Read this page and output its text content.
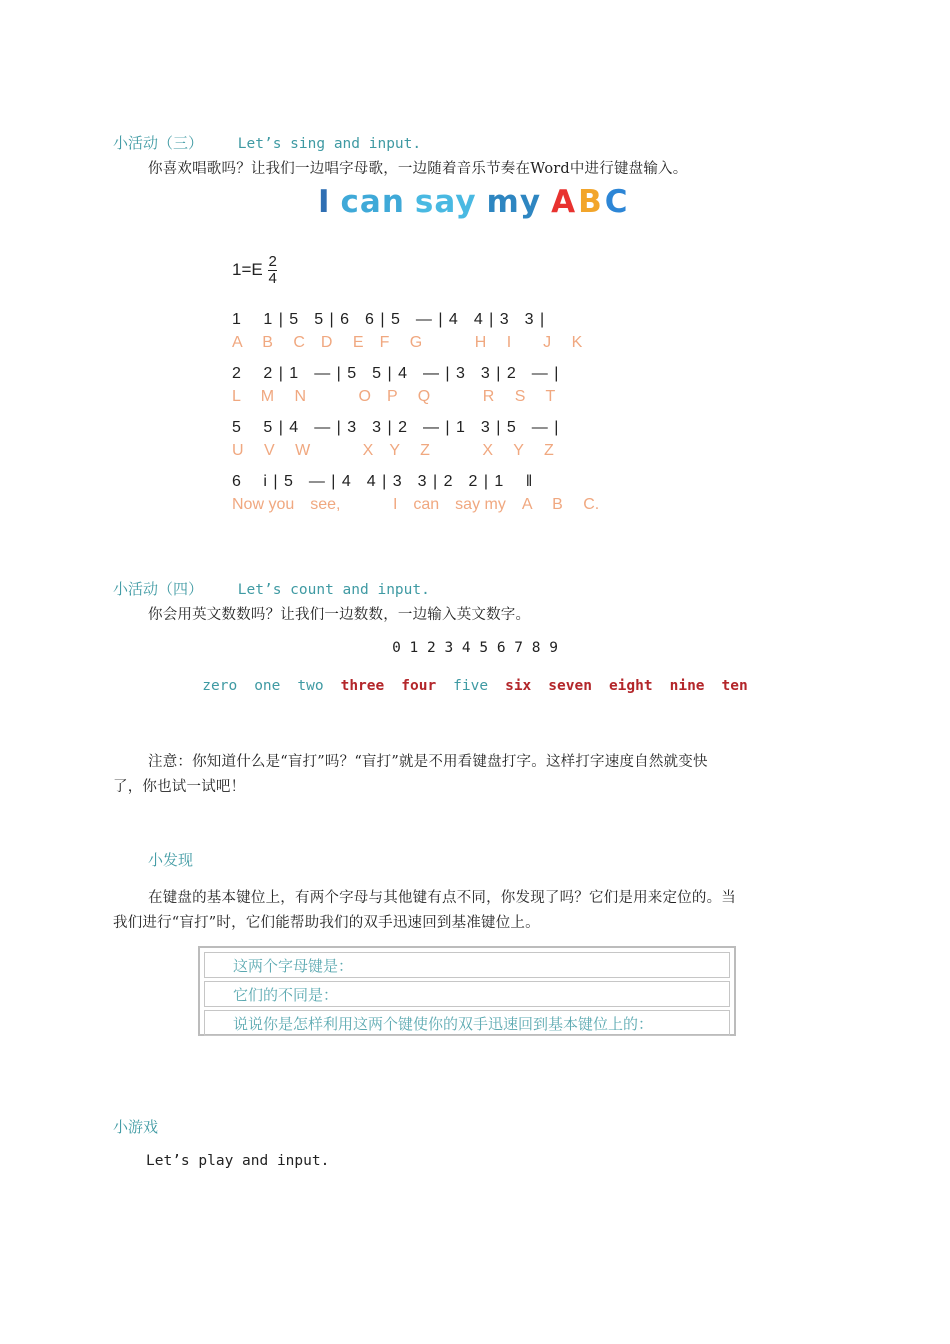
小活动（三） Let’s sing and input.
你喜欢唱歌吗？让我们一边唱字母歌，一边随着音乐节奏在Word中进行键盘输入。
I can say my ABC
$1=E \frac{2}{4}$
1　 1 | 5　5 | 6　6 | 5　— | 4　4 | 3　3 |
A　 B　 C　D　 E　F　 G　　　 H　 I　　J　 K
2　 2 | 1　— | 5　5 | 4　— | 3　3 | 2　— |
L　 M　 N　　　 O　P　 Q　　　 R　 S　 T
5　 5 | 4　— | 3　3 | 2　— | 1　3 | 5　— |
U　 V　 W　　　 X　Y　 Z　　　 X　 Y　 Z
6　 i | 5　— | 4　4 | 3　3 | 2　2 | 1　 ‖
Now you　see,　　　 I　can　say my　A　 B　 C.
小活动（四） Let’s count and input.
你会用英文数数吗？让我们一边数数，一边输入英文数字。
0 1 2 3 4 5 6 7 8 9
zero one two three four five six seven eight nine ten
注意：你知道什么是“盲打”吗？“盲打”就是不用看键盘打字。这样打字速度自然就变快
了，你也试一试吧！
小发现
在键盘的基本键位上，有两个字母与其他键有点不同，你发现了吗？它们是用来定位的。当
我们进行“盲打”时，它们能帮助我们的双手迅速回到基准键位上。
这两个字母键是：
它们的不同是：
说说你是怎样利用这两个键使你的双手迅速回到基本键位上的：
小游戏
Let’s play and input.
